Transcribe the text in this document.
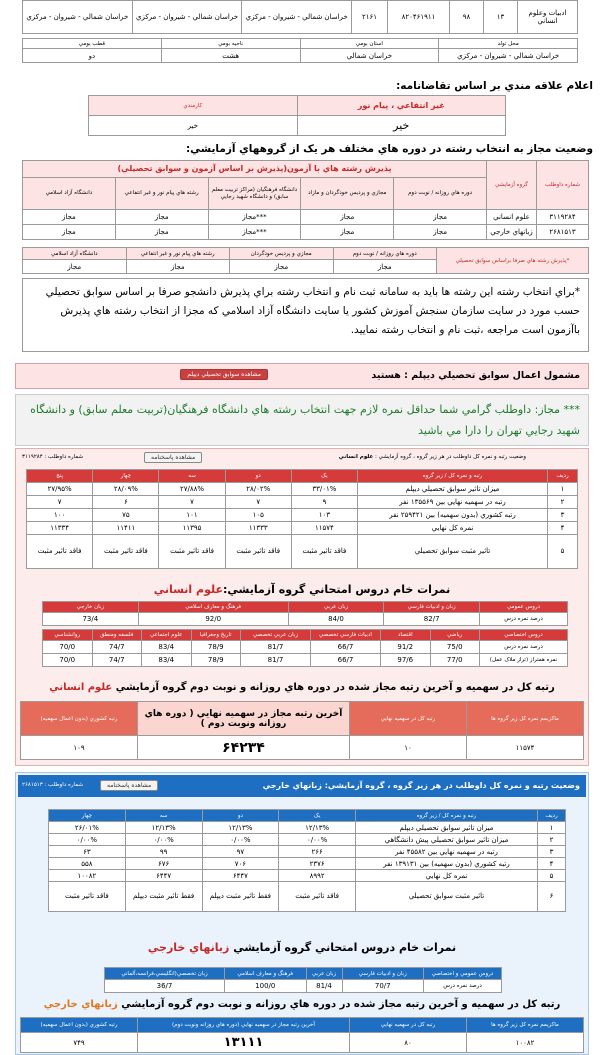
ادبيات وعلوم انساني	۱۳	۹۸	۸۲۰۴۶۱۹۱۱	۲۱۶۱	خراسان شمالي - شيروان - مركزي	خراسان شمالي - شيروان - مركزي	خراسان شمالي - شيروان - مركزي
محل تولد	استان بومي	ناحيه بومي	قطب بومي
خراسان شمالي - شيروان - مركزي	خراسان شمالي	هشت	دو
اعلام علاقه مندي بر اساس تقاضانامه:
غير انتفاعي ، پيام نور	كارمندي
خير	خير
وضعيت مجاز به انتخاب رشته در دوره هاي مختلف هر يک از گروههاي آزمايشي:
شماره داوطلب	گروه آزمايشي	پذيرش رشته هاي با آزمون(پذيرش بر اساس آزمون و سوابق تحصيلي)				
		دوره هاي روزانه / نوبت دوم	مجازي و پرديس خودگردان و مازاد	دانشگاه فرهنگيان (مراكز تربيت معلم سابق) و دانشگاه شهيد رجايي	رشته هاي پيام نور و غير انتفاعي	دانشگاه آزاد اسلامي
۳۱۱۹۲۸۴	علوم انساني	مجاز	مجاز	***مجاز	مجاز	مجاز
۲۶۸۱۵۱۳	زبانهاي خارجي	مجاز	مجاز	***مجاز	مجاز	مجاز
*پذيرش رشته هاي صرفا براساس سوابق تحصيلي	دوره هاي روزانه / نوبت دوم	مجازي و پرديس خودگردان	رشته هاي پيام نور و غير انتفاعي	دانشگاه آزاد اسلامي
	مجاز	مجاز	مجاز	مجاز
*براي انتخاب رشته اين رشته ها بايد به سامانه ثبت نام و انتخاب رشته براي پذيرش دانشجو صرفا بر اساس سوابق تحصيلي حسب مورد در سايت سازمان سنجش آموزش كشور يا سايت دانشگاه آزاد اسلامي كه مجزا از انتخاب رشته هاي پذيرش باآزمون است مراجعه ،ثبت نام و انتخاب رشته نماييد.
مشمول اعمال سوابق تحصيلي ديپلم : هستيد
مشاهده سوابق تحصيلي ديپلم
*** مجاز: داوطلب گرامي شما حداقل نمره لازم جهت انتخاب رشته هاي دانشگاه فرهنگيان(تربيت معلم سابق) و دانشگاه شهيد رجايي تهران را دارا مي باشيد
وضعيت رتبه و نمره كل داوطلب در هر زير گروه ، گروه آزمايشي : علوم انساني
مشاهده پاسخنامه
شماره داوطلب : ۳۱۱۹۲۸۴
رديف	رتبه و نمره كل / زير گروه	يک	دو	سه	چهار	پنج
۱	ميزان تاثير سوابق تحصيلي ديپلم	۳۳/۰۱%	۲۸/۰۲%	۲۷/۸۸%	۲۸/۰۹%	۲۷/۹۵%
۲	رتبه در سهميه نهايي بين ۱۳۵۵۶۹ نفر	۹	۷	۷	۶	۷
۳	رتبه كشوري (بدون سهميه) بين ۲۵۹۴۲۱ نفر	۱۰۳	۱۰۵	۱۰۱	۷۵	۱۰۰
۴	نمره كل نهايي	۱۱۵۷۴	۱۱۳۳۳	۱۱۳۹۵	۱۱۴۱۱	۱۱۳۳۴
۵	تاثير مثبت سوابق تحصيلي	فاقد تاثير مثبت	فاقد تاثير مثبت	فاقد تاثير مثبت	فاقد تاثير مثبت	فاقد تاثير مثبت
نمرات خام دروس امتحاني گروه آزمايشي:علوم انساني
دروس عمومي	زبان و ادبيات فارسي	زبان عربي	فرهنگ و معارف اسلامي	زبان خارجي
درصد نمره درس	82/7	84/0	92/0	73/4
دروس اختصاصي	رياضي	اقتصاد	ادبيات فارسي تخصصي	زبان عربي تخصصي	تاريخ وجغرافيا	علوم اجتماعي	فلسفه ومنطق	روانشناسي
درصد نمره درس	75/0	91/2	66/7	81/7	78/9	83/4	74/7	70/0
نمره همتراز (تراز ملاک عمل)	77/0	97/6	66/7	81/7	78/9	83/4	74/7	70/0
رتبه كل در سهميه و آخرين رتبه مجاز شده در دوره هاي روزانه و نوبت دوم گروه آزمايشي علوم انساني
ماكزيمم نمره كل زير گروه ها	رتبه كل در سهميه نهايي	آخرين رتبه مجاز در سهميه نهايي ( دوره هاي روزانه ونوبت دوم )	رتبه كشوري (بدون اعمال سهميه)
۱۱۵۷۴	۱۰	۶۴۲۳۴	۱۰۹
وضعيت رتبه و نمره كل داوطلب در هر زير گروه ، گروه آزمايشي: زبانهاي خارجي
مشاهده پاسخنامه
شماره داوطلب : ۲۶۸۱۵۱۳
رديف	رتبه و نمره كل / زير گروه	يک	دو	سه	چهار
۱	ميزان تاثير سوابق تحصيلي ديپلم	۱۲/۱۳%	۱۲/۱۳%	۱۲/۱۳%	۲۶/۰۱%
۲	ميزان تاثير سوابق تحصيلي پيش دانشگاهي	۰/۰۰%	۰/۰۰%	۰/۰۰%	۰/۰۰%
۳	رتبه در سهميه نهايي بين ۴۵۵۸۲ نفر	۲۶۶	۹۷	۹۹	۶۳
۴	رتبه كشوري (بدون سهميه) بين ۱۳۹۱۳۱ نفر	۲۳۷۶	۷۰۶	۶۷۶	۵۵۸
۵	نمره كل نهايي	۸۹۹۲	۶۴۴۷	۶۴۴۷	۱۰۰۸۲
۶	تاثير مثبت سوابق تحصيلي	فاقد تاثير مثبت	فقط تاثير مثبت ديپلم	فقط تاثير مثبت ديپلم	فاقد تاثير مثبت
نمرات خام دروس امتحاني گروه آزمايشي زبانهاي خارجي
دروس عمومي و اختصاصي	زبان و ادبيات فارسي	زبان عربي	فرهنگ و معارف اسلامي	زبان تخصصي(انگليسي،فرانسه،آلماني
درصد نمره درس	70/7	81/4	100/0	36/7
رتبه كل در سهميه و آخرين رتبه مجاز شده در دوره هاي روزانه و نوبت دوم گروه آزمايشي زبانهاي خارجي
ماكزيمم نمره كل زير گروه ها	رتبه كل در سهميه نهايي	آخرين رتبه مجاز در سهميه نهايي (دوره هاي روزانه ونوبت دوم)	رتبه كشوري (بدون اعمال سهميه)
۱۰۰۸۲	۸۰	۱۳۱۱۱	۷۴۹
